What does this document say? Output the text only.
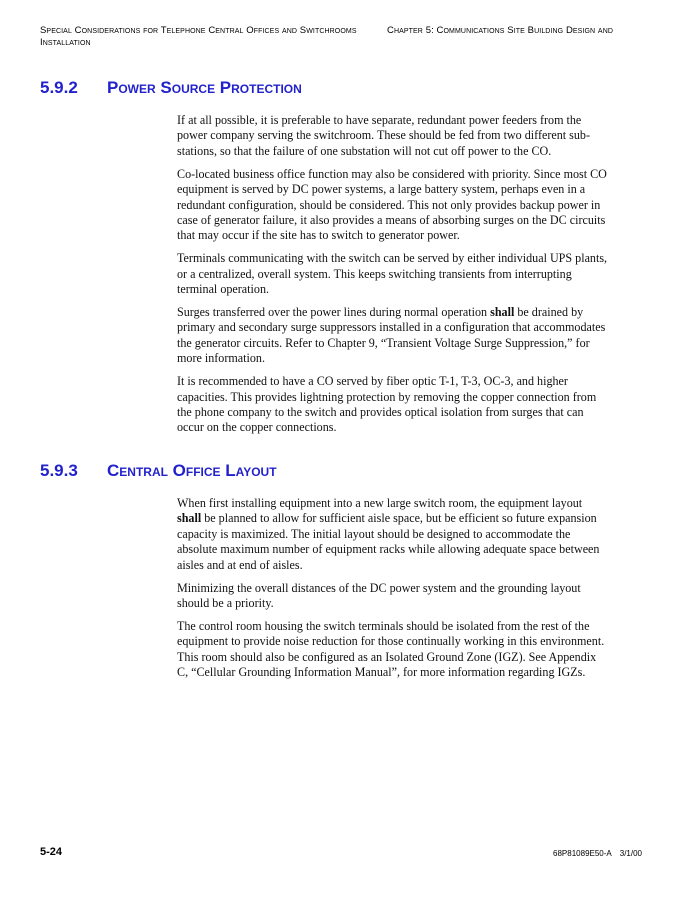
Special Considerations for Telephone Central Offices and Switchrooms Installation
Chapter 5: Communications Site Building Design and
5.9.2 Power Source Protection

If at all possible, it is preferable to have separate, redundant power feeders from the power company serving the switchroom. These should be fed from two different sub-stations, so that the failure of one substation will not cut off power to the CO.

Co-located business office function may also be considered with priority. Since most CO equipment is served by DC power systems, a large battery system, perhaps even in a redundant configuration, should be considered. This not only provides backup power in case of generator failure, it also provides a means of absorbing surges on the DC circuits that may occur if the site has to switch to generator power.

Terminals communicating with the switch can be served by either individual UPS plants, or a centralized, overall system. This keeps switching transients from interrupting terminal operation.

Surges transferred over the power lines during normal operation shall be drained by primary and secondary surge suppressors installed in a configuration that accommodates the generator circuits. Refer to Chapter 9, “Transient Voltage Surge Suppression,” for more information.

It is recommended to have a CO served by fiber optic T-1, T-3, OC-3, and higher capacities. This provides lightning protection by removing the copper connection from the phone company to the switch and provides optical isolation from surges that can occur on the copper connections.

5.9.3 Central Office Layout

When first installing equipment into a new large switch room, the equipment layout shall be planned to allow for sufficient aisle space, but be efficient so future expansion capacity is maximized. The initial layout should be designed to accommodate the absolute maximum number of equipment racks while allowing adequate space between aisles and at end of aisles.

Minimizing the overall distances of the DC power system and the grounding layout should be a priority.

The control room housing the switch terminals should be isolated from the rest of the equipment to provide noise reduction for those continually working in this environment. This room should also be configured as an Isolated Ground Zone (IGZ). See Appendix C, “Cellular Grounding Information Manual”, for more information regarding IGZs.

5-24	68P81089E50-A 3/1/00
